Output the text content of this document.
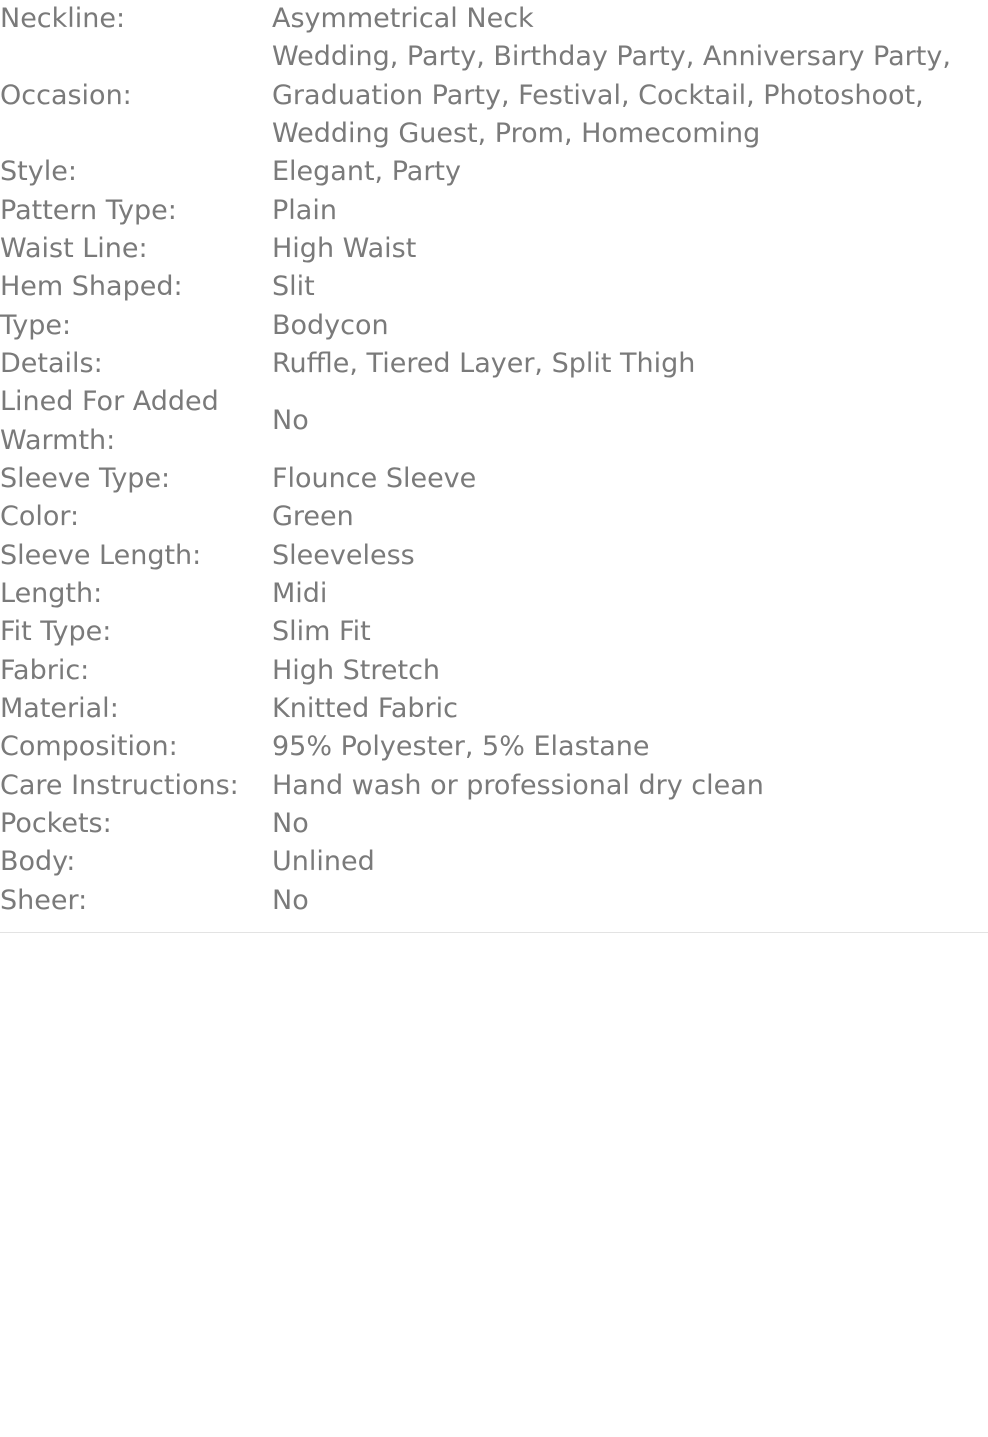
Neckline:	Asymmetrical Neck
Occasion:	Wedding, Party, Birthday Party, Anniversary Party, Graduation Party, Festival, Cocktail, Photoshoot, Wedding Guest, Prom, Homecoming
Style:	Elegant, Party
Pattern Type:	Plain
Waist Line:	High Waist
Hem Shaped:	Slit
Type:	Bodycon
Details:	Ruffle, Tiered Layer, Split Thigh
Lined For Added Warmth:	No
Sleeve Type:	Flounce Sleeve
Color:	Green
Sleeve Length:	Sleeveless
Length:	Midi
Fit Type:	Slim Fit
Fabric:	High Stretch
Material:	Knitted Fabric
Composition:	95% Polyester, 5% Elastane
Care Instructions:	Hand wash or professional dry clean
Pockets:	No
Body:	Unlined
Sheer:	No
